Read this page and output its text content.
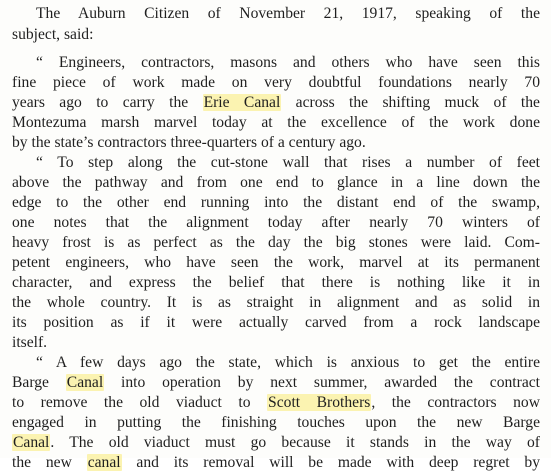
The Auburn Citizen of November 21, 1917, speaking of the
subject, said:
“ Engineers, contractors, masons and others who have seen this
fine piece of work made on very doubtful foundations nearly 70
years ago to carry the Erie Canal across the shifting muck of the
Montezuma marsh marvel today at the excellence of the work done
by the state’s contractors three-quarters of a century ago.
“ To step along the cut-stone wall that rises a number of feet
above the pathway and from one end to glance in a line down the
edge to the other end running into the distant end of the swamp,
one notes that the alignment today after nearly 70 winters of
heavy frost is as perfect as the day the big stones were laid. Com-
petent engineers, who have seen the work, marvel at its permanent
character, and express the belief that there is nothing like it in
the whole country. It is as straight in alignment and as solid in
its position as if it were actually carved from a rock landscape
itself.
“ A few days ago the state, which is anxious to get the entire
Barge Canal into operation by next summer, awarded the contract
to remove the old viaduct to Scott Brothers, the contractors now
engaged in putting the finishing touches upon the new Barge
Canal. The old viaduct must go because it stands in the way of
the new canal and its removal will be made with deep regret by
